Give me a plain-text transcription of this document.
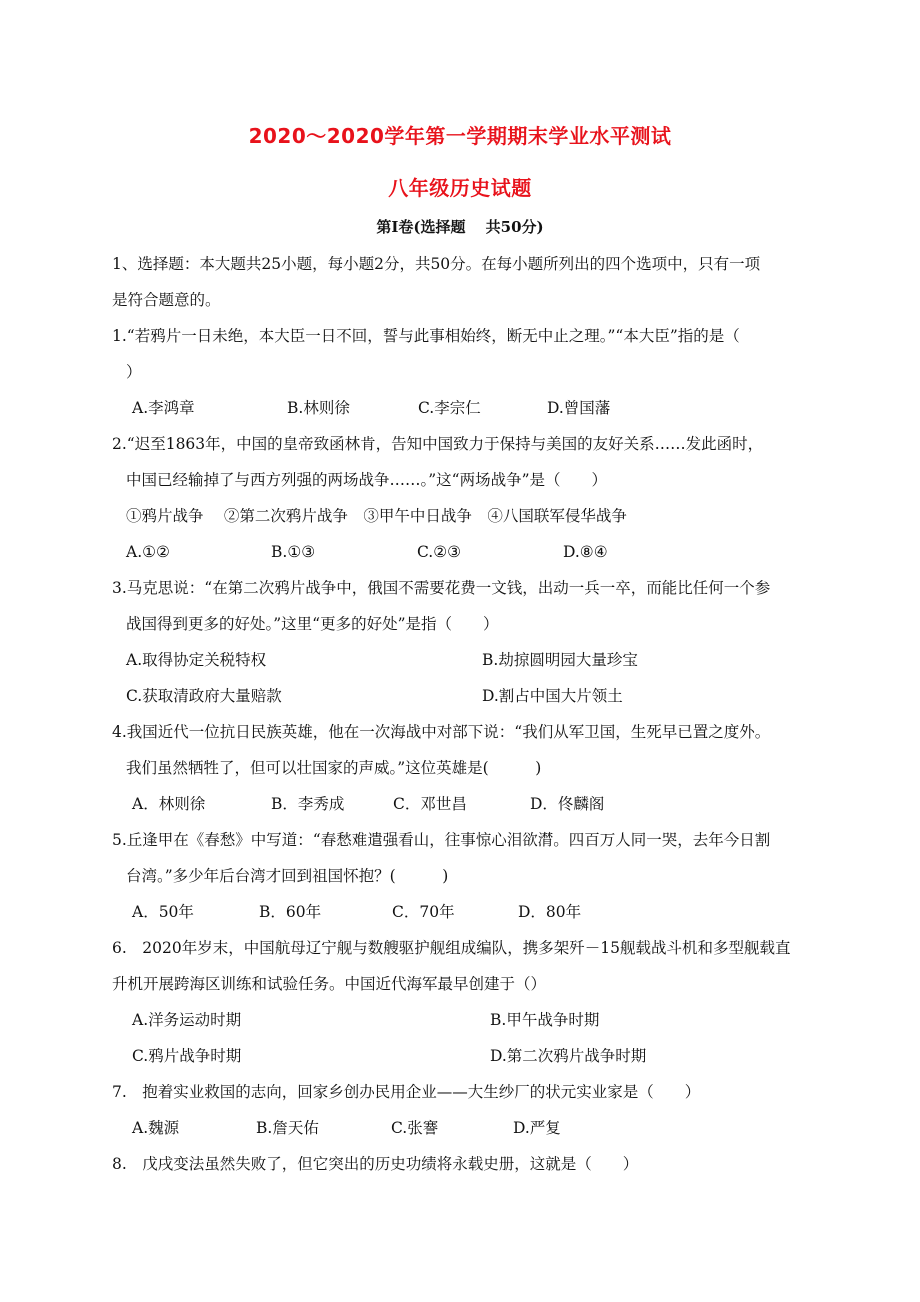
2020～2020学年第一学期期末学业水平测试
八年级历史试题
第Ⅰ卷(选择题　 共50分)
1、选择题：本大题共25小题，每小题2分，共50分。在每小题所列出的四个选项中，只有一项
是符合题意的。
1.“若鸦片一日未绝，本大臣一日不回，誓与此事相始终，断无中止之理。”“本大臣”指的是（
）
A.李鸿章	B.林则徐	C.李宗仁	D.曾国藩
2.“迟至1863年，中国的皇帝致函林肯，告知中国致力于保持与美国的友好关系……发此函时，
中国已经输掉了与西方列强的两场战争……。”这“两场战争”是（　　）
①鸦片战争　 ②第二次鸦片战争　③甲午中日战争　④八国联军侵华战争
A.①②	B.①③	C.②③	D.⑧④
3.马克思说：“在第二次鸦片战争中，俄国不需要花费一文钱，出动一兵一卒，而能比任何一个参
战国得到更多的好处。”这里“更多的好处”是指（　　）
A.取得协定关税特权	B.劫掠圆明园大量珍宝
C.获取清政府大量赔款	D.割占中国大片领土
4.我国近代一位抗日民族英雄，他在一次海战中对部下说：“我们从军卫国，生死早已置之度外。
我们虽然牺牲了，但可以壮国家的声威。”这位英雄是(　　　)
A．林则徐	B．李秀成	C．邓世昌	D．佟麟阁
5.丘逢甲在《春愁》中写道：“春愁难遣强看山，往事惊心泪欲潸。四百万人同一哭，去年今日割
台湾。”多少年后台湾才回到祖国怀抱？(　　　)
A．50年	B．60年	C．70年	D．80年
6.　2020年岁末，中国航母辽宁舰与数艘驱护舰组成编队，携多架歼－15舰载战斗机和多型舰载直
升机开展跨海区训练和试验任务。中国近代海军最早创建于（）
A.洋务运动时期	B.甲午战争时期
C.鸦片战争时期	D.第二次鸦片战争时期
7.　抱着实业救国的志向，回家乡创办民用企业——大生纱厂的状元实业家是（　　）
A.魏源	B.詹天佑	C.张謇	D.严复
8.　戊戌变法虽然失败了，但它突出的历史功绩将永载史册，这就是（　　）
